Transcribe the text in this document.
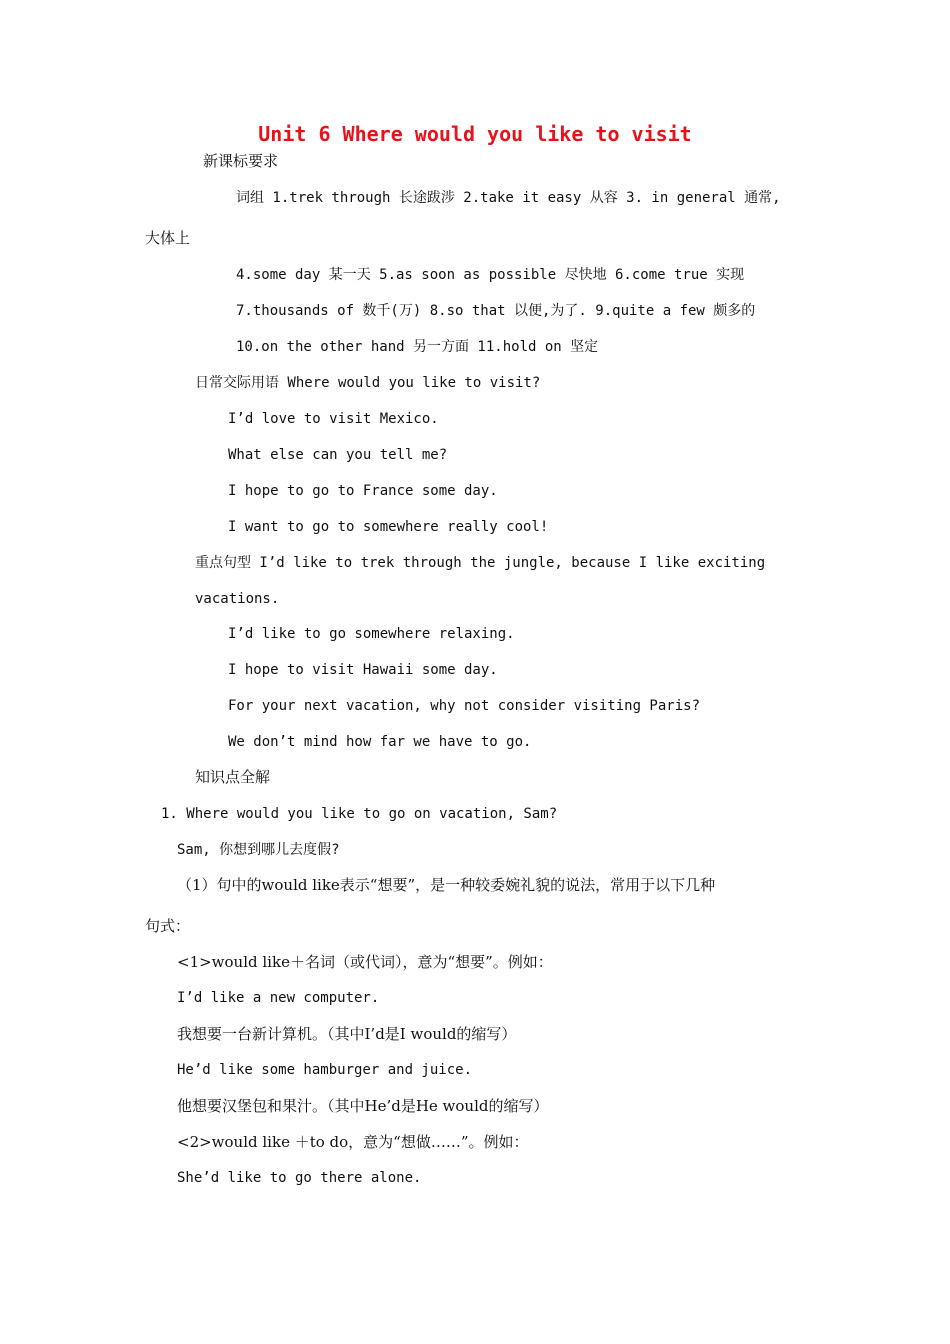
Unit 6 Where would you like to visit
新课标要求
词组 1.trek through 长途跋涉 2.take it easy 从容 3. in general 通常,
大体上
4.some day 某一天 5.as soon as possible 尽快地 6.come true 实现
7.thousands of 数千(万) 8.so that 以便,为了. 9.quite a few 颇多的
10.on the other hand 另一方面 11.hold on 坚定
日常交际用语 Where would you like to visit?
I’d love to visit Mexico.
What else can you tell me?
I hope to go to France some day.
I want to go to somewhere really cool!
重点句型 I’d like to trek through the jungle, because I like exciting
vacations.
I’d like to go somewhere relaxing.
I hope to visit Hawaii some day.
For your next vacation, why not consider visiting Paris?
We don’t mind how far we have to go.
知识点全解
1. Where would you like to go on vacation, Sam?
Sam, 你想到哪儿去度假?
（1）句中的would like表示“想要”，是一种较委婉礼貌的说法，常用于以下几种
句式：
<1>would like＋名词（或代词），意为“想要”。例如：
I’d like a new computer.
我想要一台新计算机。（其中I’d是I would的缩写）
He’d like some hamburger and juice.
他想要汉堡包和果汁。（其中He’d是He would的缩写）
<2>would like ＋to do，意为“想做……”。例如：
She’d like to go there alone.
